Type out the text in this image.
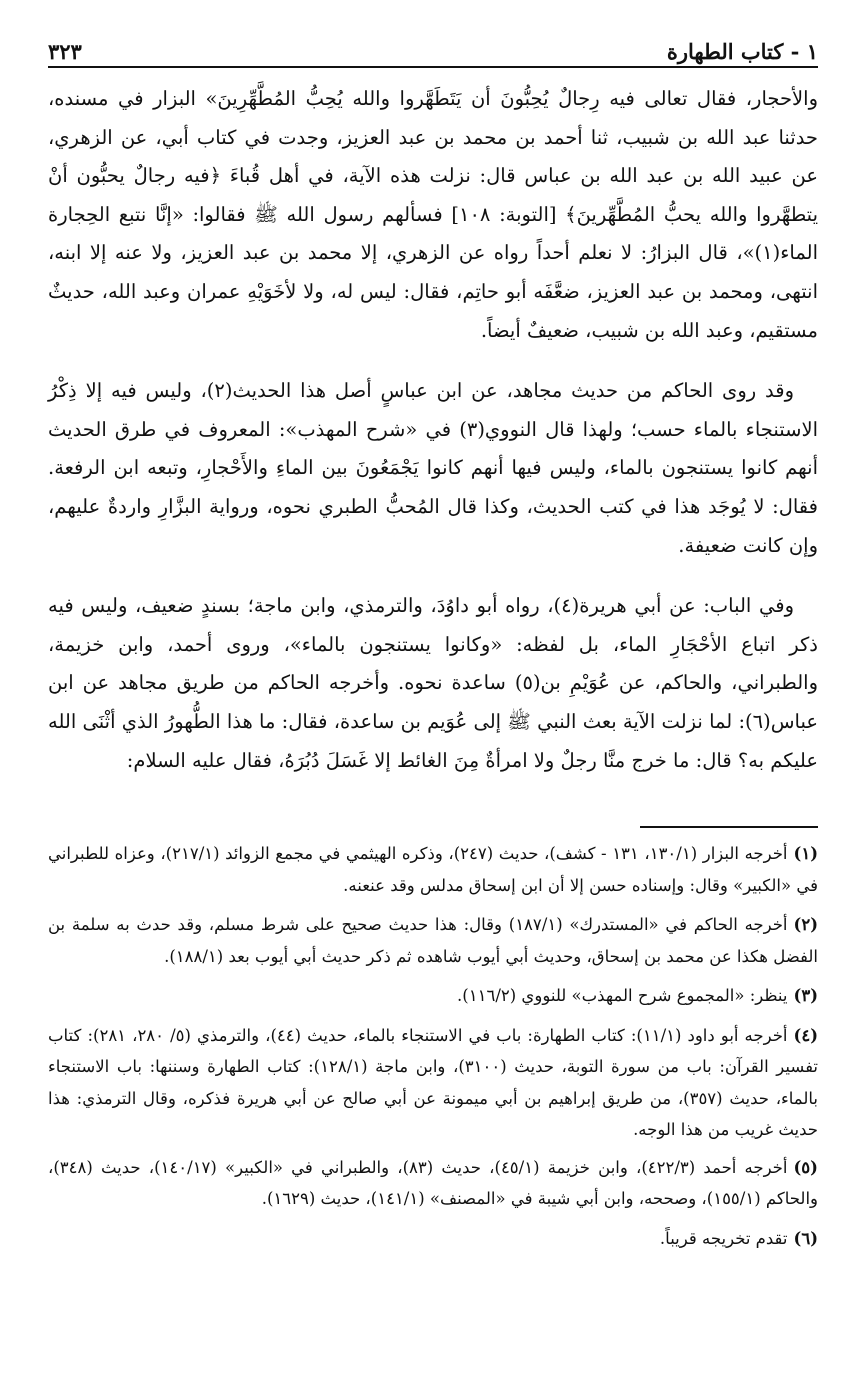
١ - كتاب الطهارة
٣٢٣

والأحجار، فقال تعالى فيه رِجالٌ يُحِبُّونَ أن يَتَطَهَّروا والله يُحِبُّ المُطَّهِّرِينَ» البزار في مسنده، حدثنا عبد الله بن شبيب، ثنا أحمد بن محمد بن عبد العزيز، وجدت في كتاب أبي، عن الزهري، عن عبيد الله بن عبد الله بن عباس قال: نزلت هذه الآية، في أهل قُباءَ ﴿فيه رجالٌ يحبُّون أنْ يتطهَّروا والله يحبُّ المُطَّهِّرينَ﴾ [التوبة: ١٠٨] فسألهم رسول الله ﷺ فقالوا: «إنَّا نتبع الحِجارة الماء(١)»، قال البزارُ: لا نعلم أحداً رواه عن الزهري، إلا محمد بن عبد العزيز، ولا عنه إلا ابنه، انتهى، ومحمد بن عبد العزيز، ضعَّفَه أبو حاتِم، فقال: ليس له، ولا لأخَوَيْهِ عمران وعبد الله، حديثٌ مستقيم، وعبد الله بن شبيب، ضعيفٌ أيضاً.

وقد روى الحاكم من حديث مجاهد، عن ابن عباسٍ أصل هذا الحديث(٢)، وليس فيه إلا ذِكْرُ الاستنجاء بالماء حسب؛ ولهذا قال النووي(٣) في «شرح المهذب»: المعروف في طرق الحديث أنهم كانوا يستنجون بالماء، وليس فيها أنهم كانوا يَجْمَعُونَ بين الماءِ والأَحْجارِ، وتبعه ابن الرفعة. فقال: لا يُوجَد هذا في كتب الحديث، وكذا قال المُحبُّ الطبري نحوه، ورواية البزَّارِ واردةٌ عليهم، وإن كانت ضعيفة.

وفي الباب: عن أبي هريرة(٤)، رواه أبو داوُدَ، والترمذي، وابن ماجة؛ بسندٍ ضعيف، وليس فيه ذكر اتباع الأحْجَارِ الماء، بل لفظه: «وكانوا يستنجون بالماء»، وروى أحمد، وابن خزيمة، والطبراني، والحاكم، عن عُوَيْمِ بن(٥) ساعدة نحوه. وأخرجه الحاكم من طريق مجاهد عن ابن عباس(٦): لما نزلت الآية بعث النبي ﷺ إلى عُوَيم بن ساعدة، فقال: ما هذا الطُّهورُ الذي أثْنَى الله عليكم به؟ قال: ما خرج منَّا رجلٌ ولا امرأةٌ مِنَ الغائط إلا غَسَلَ دُبُرَهُ، فقال عليه السلام:

(١)أخرجه البزار (١٣٠/١، ١٣١ - كشف)، حديث (٢٤٧)، وذكره الهيثمي في مجمع الزوائد (٢١٧/١)، وعزاه للطبراني في «الكبير» وقال: وإسناده حسن إلا أن ابن إسحاق مدلس وقد عنعنه.

(٢)أخرجه الحاكم في «المستدرك» (١٨٧/١) وقال: هذا حديث صحيح على شرط مسلم، وقد حدث به سلمة بن الفضل هكذا عن محمد بن إسحاق، وحديث أبي أيوب شاهده ثم ذكر حديث أبي أيوب بعد (١٨٨/١).

(٣)ينظر: «المجموع شرح المهذب» للنووي (١١٦/٢).

(٤)أخرجه أبو داود (١١/١): كتاب الطهارة: باب في الاستنجاء بالماء، حديث (٤٤)، والترمذي (٥/ ٢٨٠، ٢٨١): كتاب تفسير القرآن: باب من سورة التوبة، حديث (٣١٠٠)، وابن ماجة (١٢٨/١): كتاب الطهارة وسننها: باب الاستنجاء بالماء، حديث (٣٥٧)، من طريق إبراهيم بن أبي ميمونة عن أبي صالح عن أبي هريرة فذكره، وقال الترمذي: هذا حديث غريب من هذا الوجه.

(٥)أخرجه أحمد (٤٢٢/٣)، وابن خزيمة (٤٥/١)، حديث (٨٣)، والطبراني في «الكبير» (١٤٠/١٧)، حديث (٣٤٨)، والحاكم (١٥٥/١)، وصححه، وابن أبي شيبة في «المصنف» (١٤١/١)، حديث (١٦٢٩).

(٦)تقدم تخريجه قريباً.
